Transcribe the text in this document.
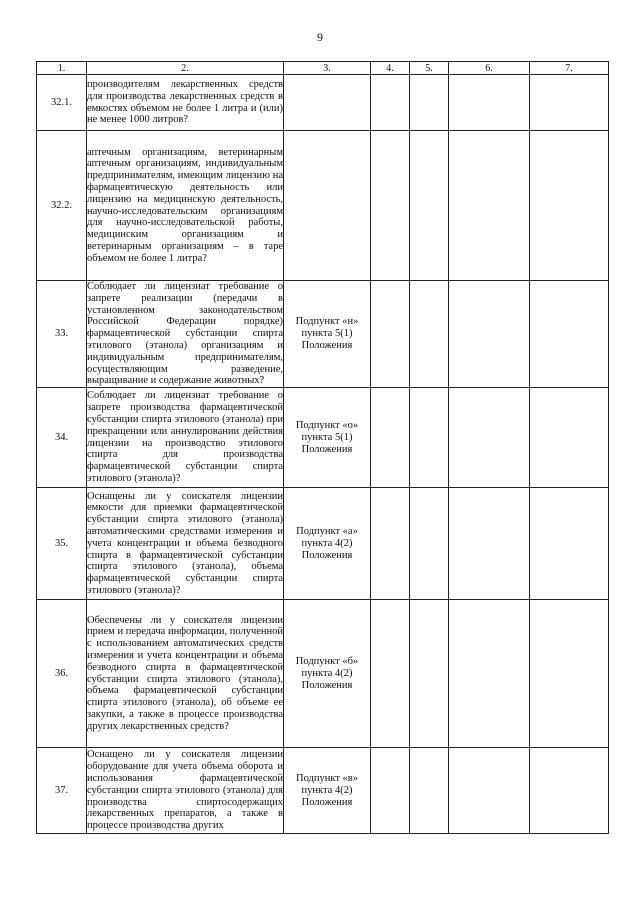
9
1.	2.	3.	4.	5.	6.	7.
32.1.	производителям лекарственных средств для производства лекарственных средств в емкостях объемом не более 1 литра и (или) не менее 1000 литров?					

32.2.	аптечным организациям, ветеринарным аптечным организациям, индивидуальным предпринимателям, имеющим лицензию на фармацевтическую деятельность или лицензию на медицинскую деятельность, научно-исследовательским организациям для научно-исследовательской работы, медицинским организациям и ветеринарным организациям – в таре объемом не более 1 литра?					

33.	Соблюдает ли лицензиат требование о запрете реализации (передачи в установленном законодательством Российской Федерации порядке) фармацевтической субстанции спирта этилового (этанола) организациям и индивидуальным предпринимателям, осуществляющим разведение, выращивание и содержание животных?	Подпункт «н» пункта 5(1) Положения				
34.	Соблюдает ли лицензиат требование о запрете производства фармацевтической субстанции спирта этилового (этанола) при прекращении или аннулировании действия лицензии на производство этилового спирта для производства фармацевтической субстанции спирта этилового (этанола)?	Подпункт «о» пункта 5(1) Положения				
35.	Оснащены ли у соискателя лицензии емкости для приемки фармацевтической субстанции спирта этилового (этанола) автоматическими средствами измерения и учета концентрации и объема безводного спирта в фармацевтической субстанции спирта этилового (этанола), объема фармацевтической субстанции спирта этилового (этанола)?	Подпункт «а» пункта 4(2) Положения				
36.	Обеспечены ли у соискателя лицензии прием и передача информации, полученной с использованием автоматических средств измерения и учета концентрации и объема безводного спирта в фармацевтической субстанции спирта этилового (этанола), объема фармацевтической субстанции спирта этилового (этанола), об объеме ее закупки, а также в процессе производства других лекарственных средств?	Подпункт «б» пункта 4(2) Положения				
37.	Оснащено ли у соискателя лицензии оборудование для учета объема оборота и использования фармацевтической субстанции спирта этилового (этанола) для производства спиртосодержащих лекарственных препаратов, а также в процессе производства других	Подпункт «в» пункта 4(2) Положения				
